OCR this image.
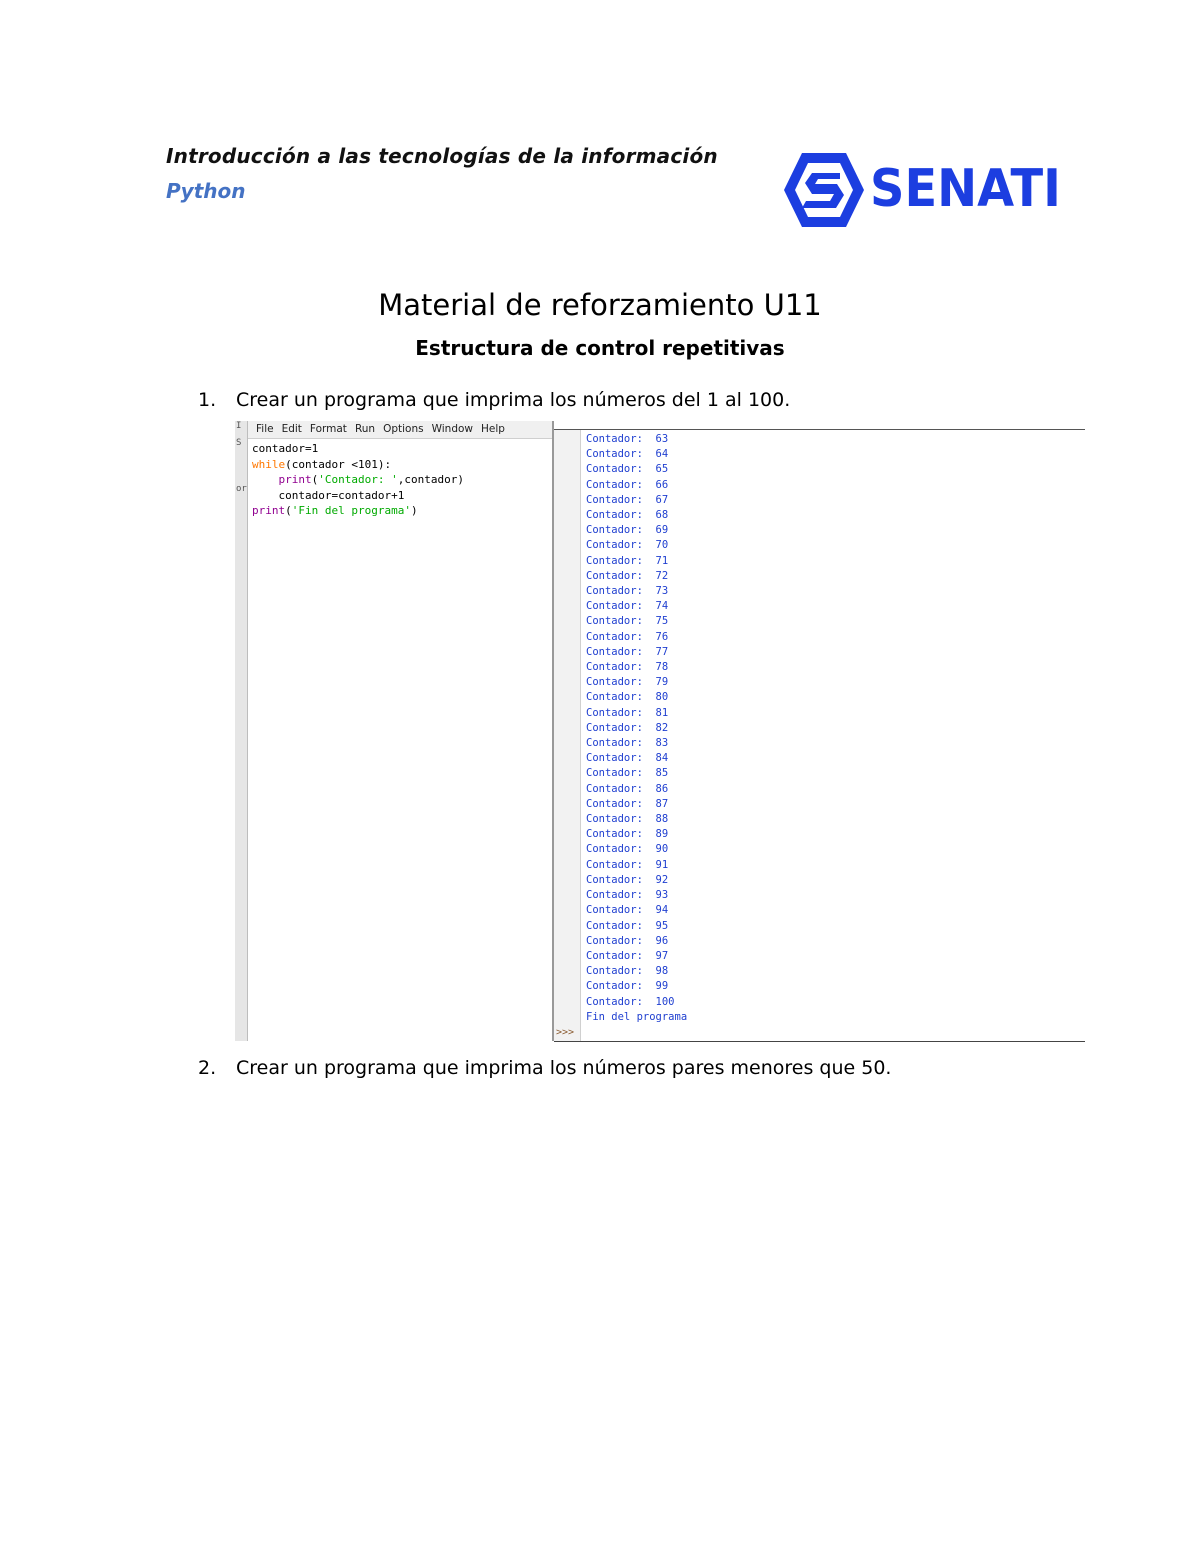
Introducción a las tecnologías de la información
Python	SENATI
Material de reforzamiento U11
Estructura de control repetitivas
1. Crear un programa que imprima los números del 1 al 100.
I
S
or
File Edit Format Run Options Window Help
contador=1
while(contador <101):
print('Contador: ',contador)
contador=contador+1
print('Fin del programa')
>>>
Contador:  63
Contador:  64
Contador:  65
Contador:  66
Contador:  67
Contador:  68
Contador:  69
Contador:  70
Contador:  71
Contador:  72
Contador:  73
Contador:  74
Contador:  75
Contador:  76
Contador:  77
Contador:  78
Contador:  79
Contador:  80
Contador:  81
Contador:  82
Contador:  83
Contador:  84
Contador:  85
Contador:  86
Contador:  87
Contador:  88
Contador:  89
Contador:  90
Contador:  91
Contador:  92
Contador:  93
Contador:  94
Contador:  95
Contador:  96
Contador:  97
Contador:  98
Contador:  99
Contador:  100
Fin del programa
2. Crear un programa que imprima los números pares menores que 50.
